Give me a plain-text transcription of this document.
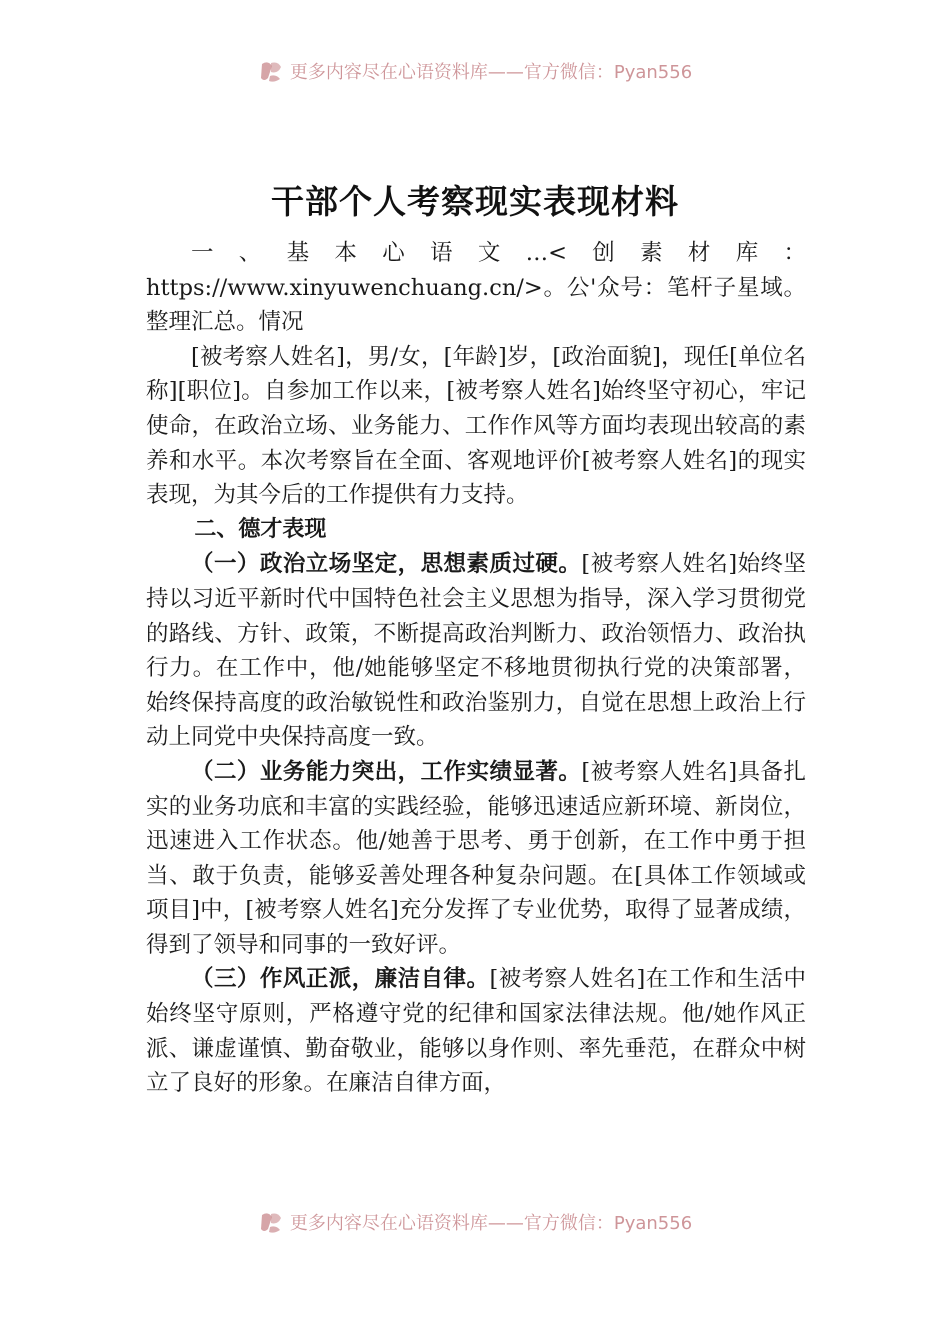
更多内容尽在心语资料库——官方微信：Pyan556
干部个人考察现实表现材料

一、基本心语文…<创素材库：https://www.xinyuwenchuang.cn/>。公'众号：笔杆子星域。整理汇总。情况

[被考察人姓名]，男/女，[年龄]岁，[政治面貌]，现任[单位名称][职位]。自参加工作以来，[被考察人姓名]始终坚守初心，牢记使命，在政治立场、业务能力、工作作风等方面均表现出较高的素养和水平。本次考察旨在全面、客观地评价[被考察人姓名]的现实表现，为其今后的工作提供有力支持。

二、德才表现

（一）政治立场坚定，思想素质过硬。[被考察人姓名]始终坚持以习近平新时代中国特色社会主义思想为指导，深入学习贯彻党的路线、方针、政策，不断提高政治判断力、政治领悟力、政治执行力。在工作中，他/她能够坚定不移地贯彻执行党的决策部署，始终保持高度的政治敏锐性和政治鉴别力，自觉在思想上政治上行动上同党中央保持高度一致。

（二）业务能力突出，工作实绩显著。[被考察人姓名]具备扎实的业务功底和丰富的实践经验，能够迅速适应新环境、新岗位，迅速进入工作状态。他/她善于思考、勇于创新，在工作中勇于担当、敢于负责，能够妥善处理各种复杂问题。在[具体工作领域或项目]中，[被考察人姓名]充分发挥了专业优势，取得了显著成绩，得到了领导和同事的一致好评。

（三）作风正派，廉洁自律。[被考察人姓名]在工作和生活中始终坚守原则，严格遵守党的纪律和国家法律法规。他/她作风正派、谦虚谨慎、勤奋敬业，能够以身作则、率先垂范，在群众中树立了良好的形象。在廉洁自律方面，

更多内容尽在心语资料库——官方微信：Pyan556
